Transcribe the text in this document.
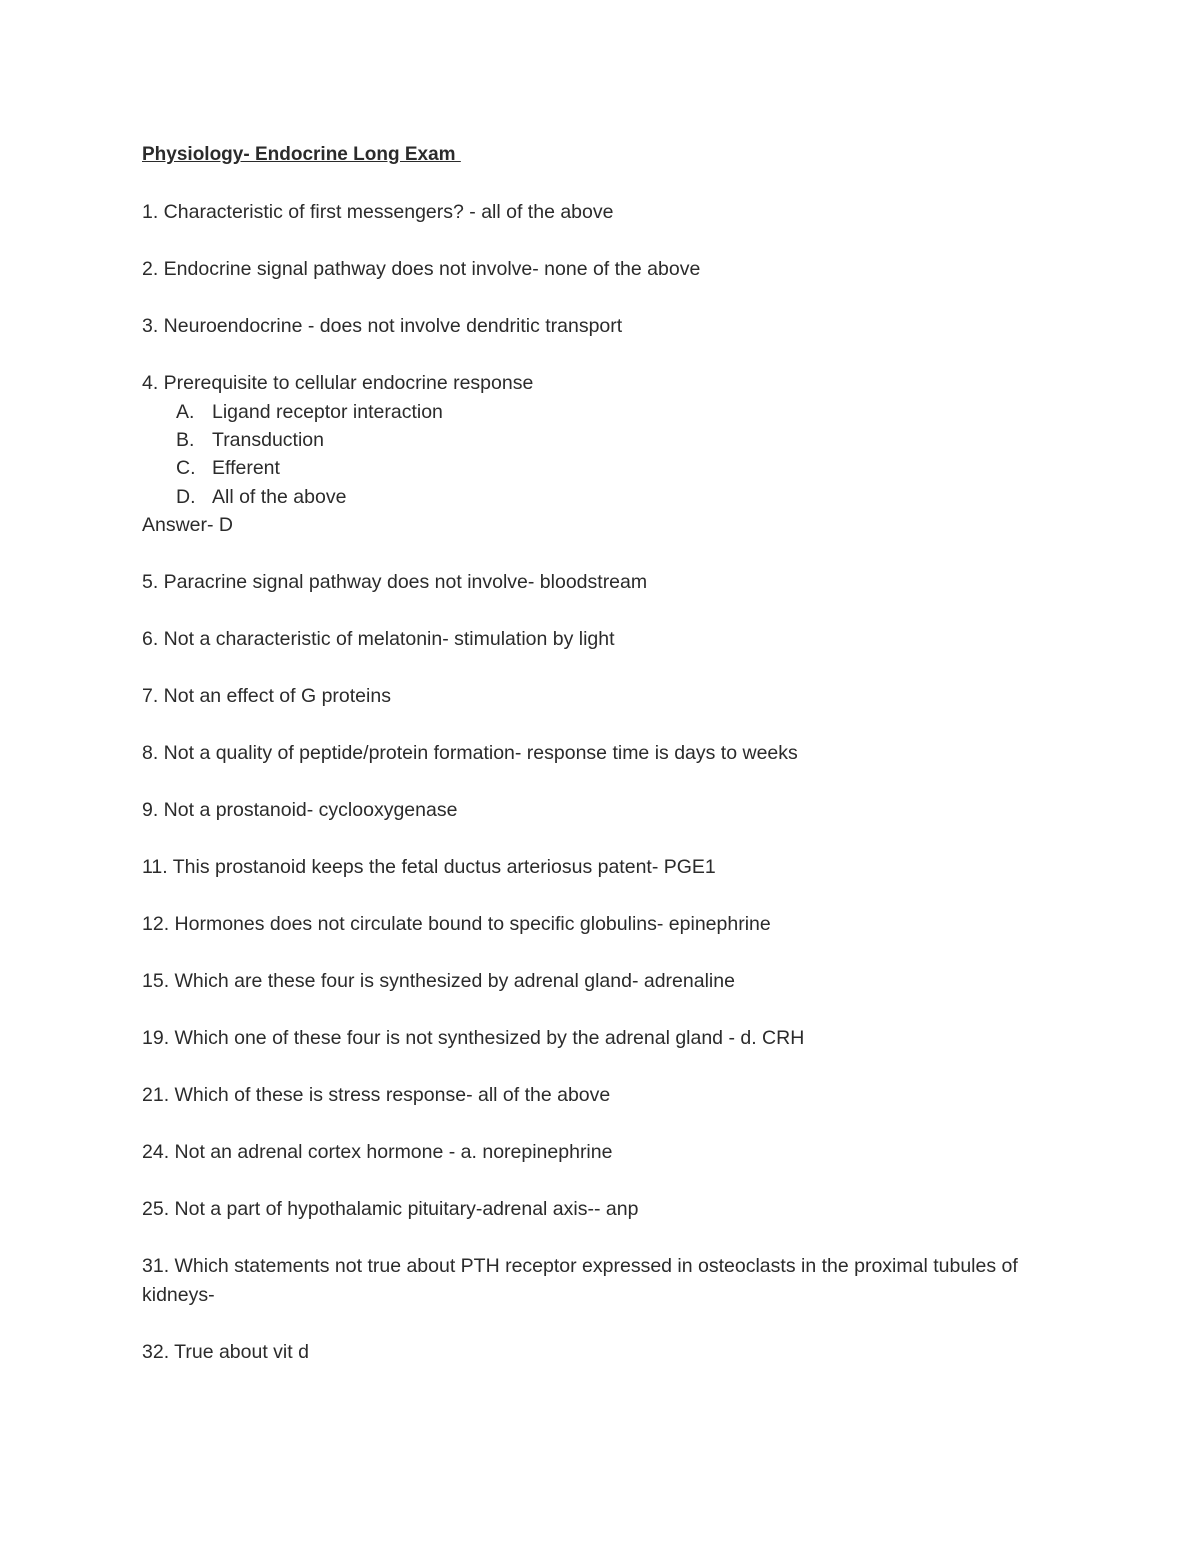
Physiology- Endocrine Long Exam
1. Characteristic of first messengers? - all of the above
2. Endocrine signal pathway does not involve- none of the above
3. Neuroendocrine - does not involve dendritic transport
4. Prerequisite to cellular endocrine response
A. Ligand receptor interaction
B. Transduction
C. Efferent
D. All of the above
Answer- D
5. Paracrine signal pathway does not involve- bloodstream
6. Not a characteristic of melatonin- stimulation by light
7. Not an effect of G proteins
8. Not a quality of peptide/protein formation- response time is days to weeks
9. Not a prostanoid- cyclooxygenase
11. This prostanoid keeps the fetal ductus arteriosus patent- PGE1
12. Hormones does not circulate bound to specific globulins- epinephrine
15. Which are these four is synthesized by adrenal gland- adrenaline
19. Which one of these four is not synthesized by the adrenal gland - d. CRH
21. Which of these is stress response- all of the above
24. Not an adrenal cortex hormone - a. norepinephrine
25. Not a part of hypothalamic pituitary-adrenal axis-- anp
31. Which statements not true about PTH receptor expressed in osteoclasts in the proximal tubules of kidneys-
32. True about vit d
